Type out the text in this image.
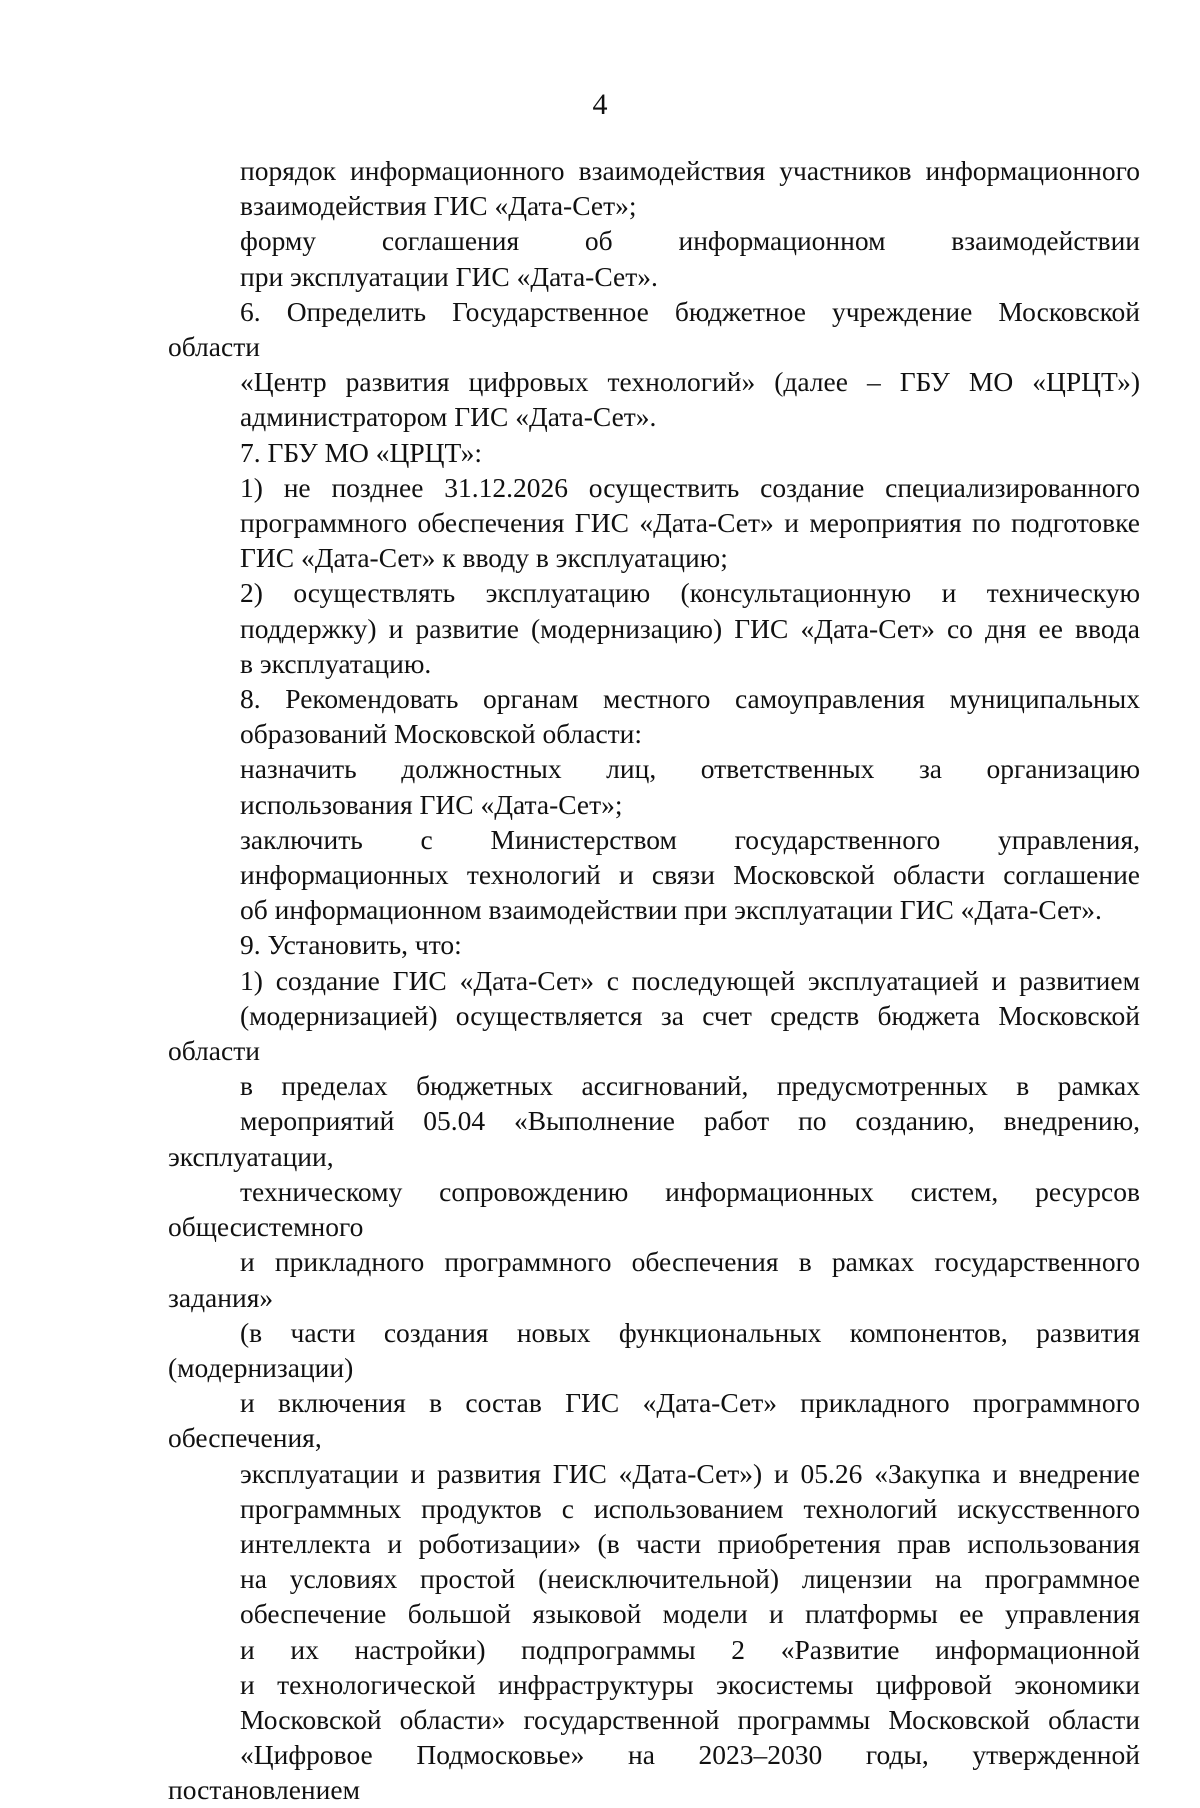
4

порядок информационного взаимодействия участников информационного
взаимодействия ГИС «Дата-Сет»;

форму соглашения об информационном взаимодействии
при эксплуатации ГИС «Дата-Сет».

6. Определить Государственное бюджетное учреждение Московской области
«Центр развития цифровых технологий» (далее – ГБУ МО «ЦРЦТ»)
администратором ГИС «Дата-Сет».

7. ГБУ МО «ЦРЦТ»:

1) не позднее 31.12.2026 осуществить создание специализированного
программного обеспечения ГИС «Дата-Сет» и мероприятия по подготовке
ГИС «Дата-Сет» к вводу в эксплуатацию;

2) осуществлять эксплуатацию (консультационную и техническую
поддержку) и развитие (модернизацию) ГИС «Дата-Сет» со дня ее ввода
в эксплуатацию.

8. Рекомендовать органам местного самоуправления муниципальных
образований Московской области:

назначить должностных лиц, ответственных за организацию
использования ГИС «Дата-Сет»;

заключить с Министерством государственного управления,
информационных технологий и связи Московской области соглашение
об информационном взаимодействии при эксплуатации ГИС «Дата-Сет».

9. Установить, что:

1) создание ГИС «Дата-Сет» с последующей эксплуатацией и развитием
(модернизацией) осуществляется за счет средств бюджета Московской области
в пределах бюджетных ассигнований, предусмотренных в рамках
мероприятий 05.04 «Выполнение работ по созданию, внедрению, эксплуатации,
техническому сопровождению информационных систем, ресурсов общесистемного
и прикладного программного обеспечения в рамках государственного задания»
(в части создания новых функциональных компонентов, развития (модернизации)
и включения в состав ГИС «Дата-Сет» прикладного программного обеспечения,
эксплуатации и развития ГИС «Дата-Сет») и 05.26 «Закупка и внедрение
программных продуктов с использованием технологий искусственного
интеллекта и роботизации» (в части приобретения прав использования
на условиях простой (неисключительной) лицензии на программное
обеспечение большой языковой модели и платформы ее управления
и их настройки) подпрограммы 2 «Развитие информационной
и технологической инфраструктуры экосистемы цифровой экономики
Московской области» государственной программы Московской области
«Цифровое Подмосковье» на 2023–2030 годы, утвержденной постановлением
